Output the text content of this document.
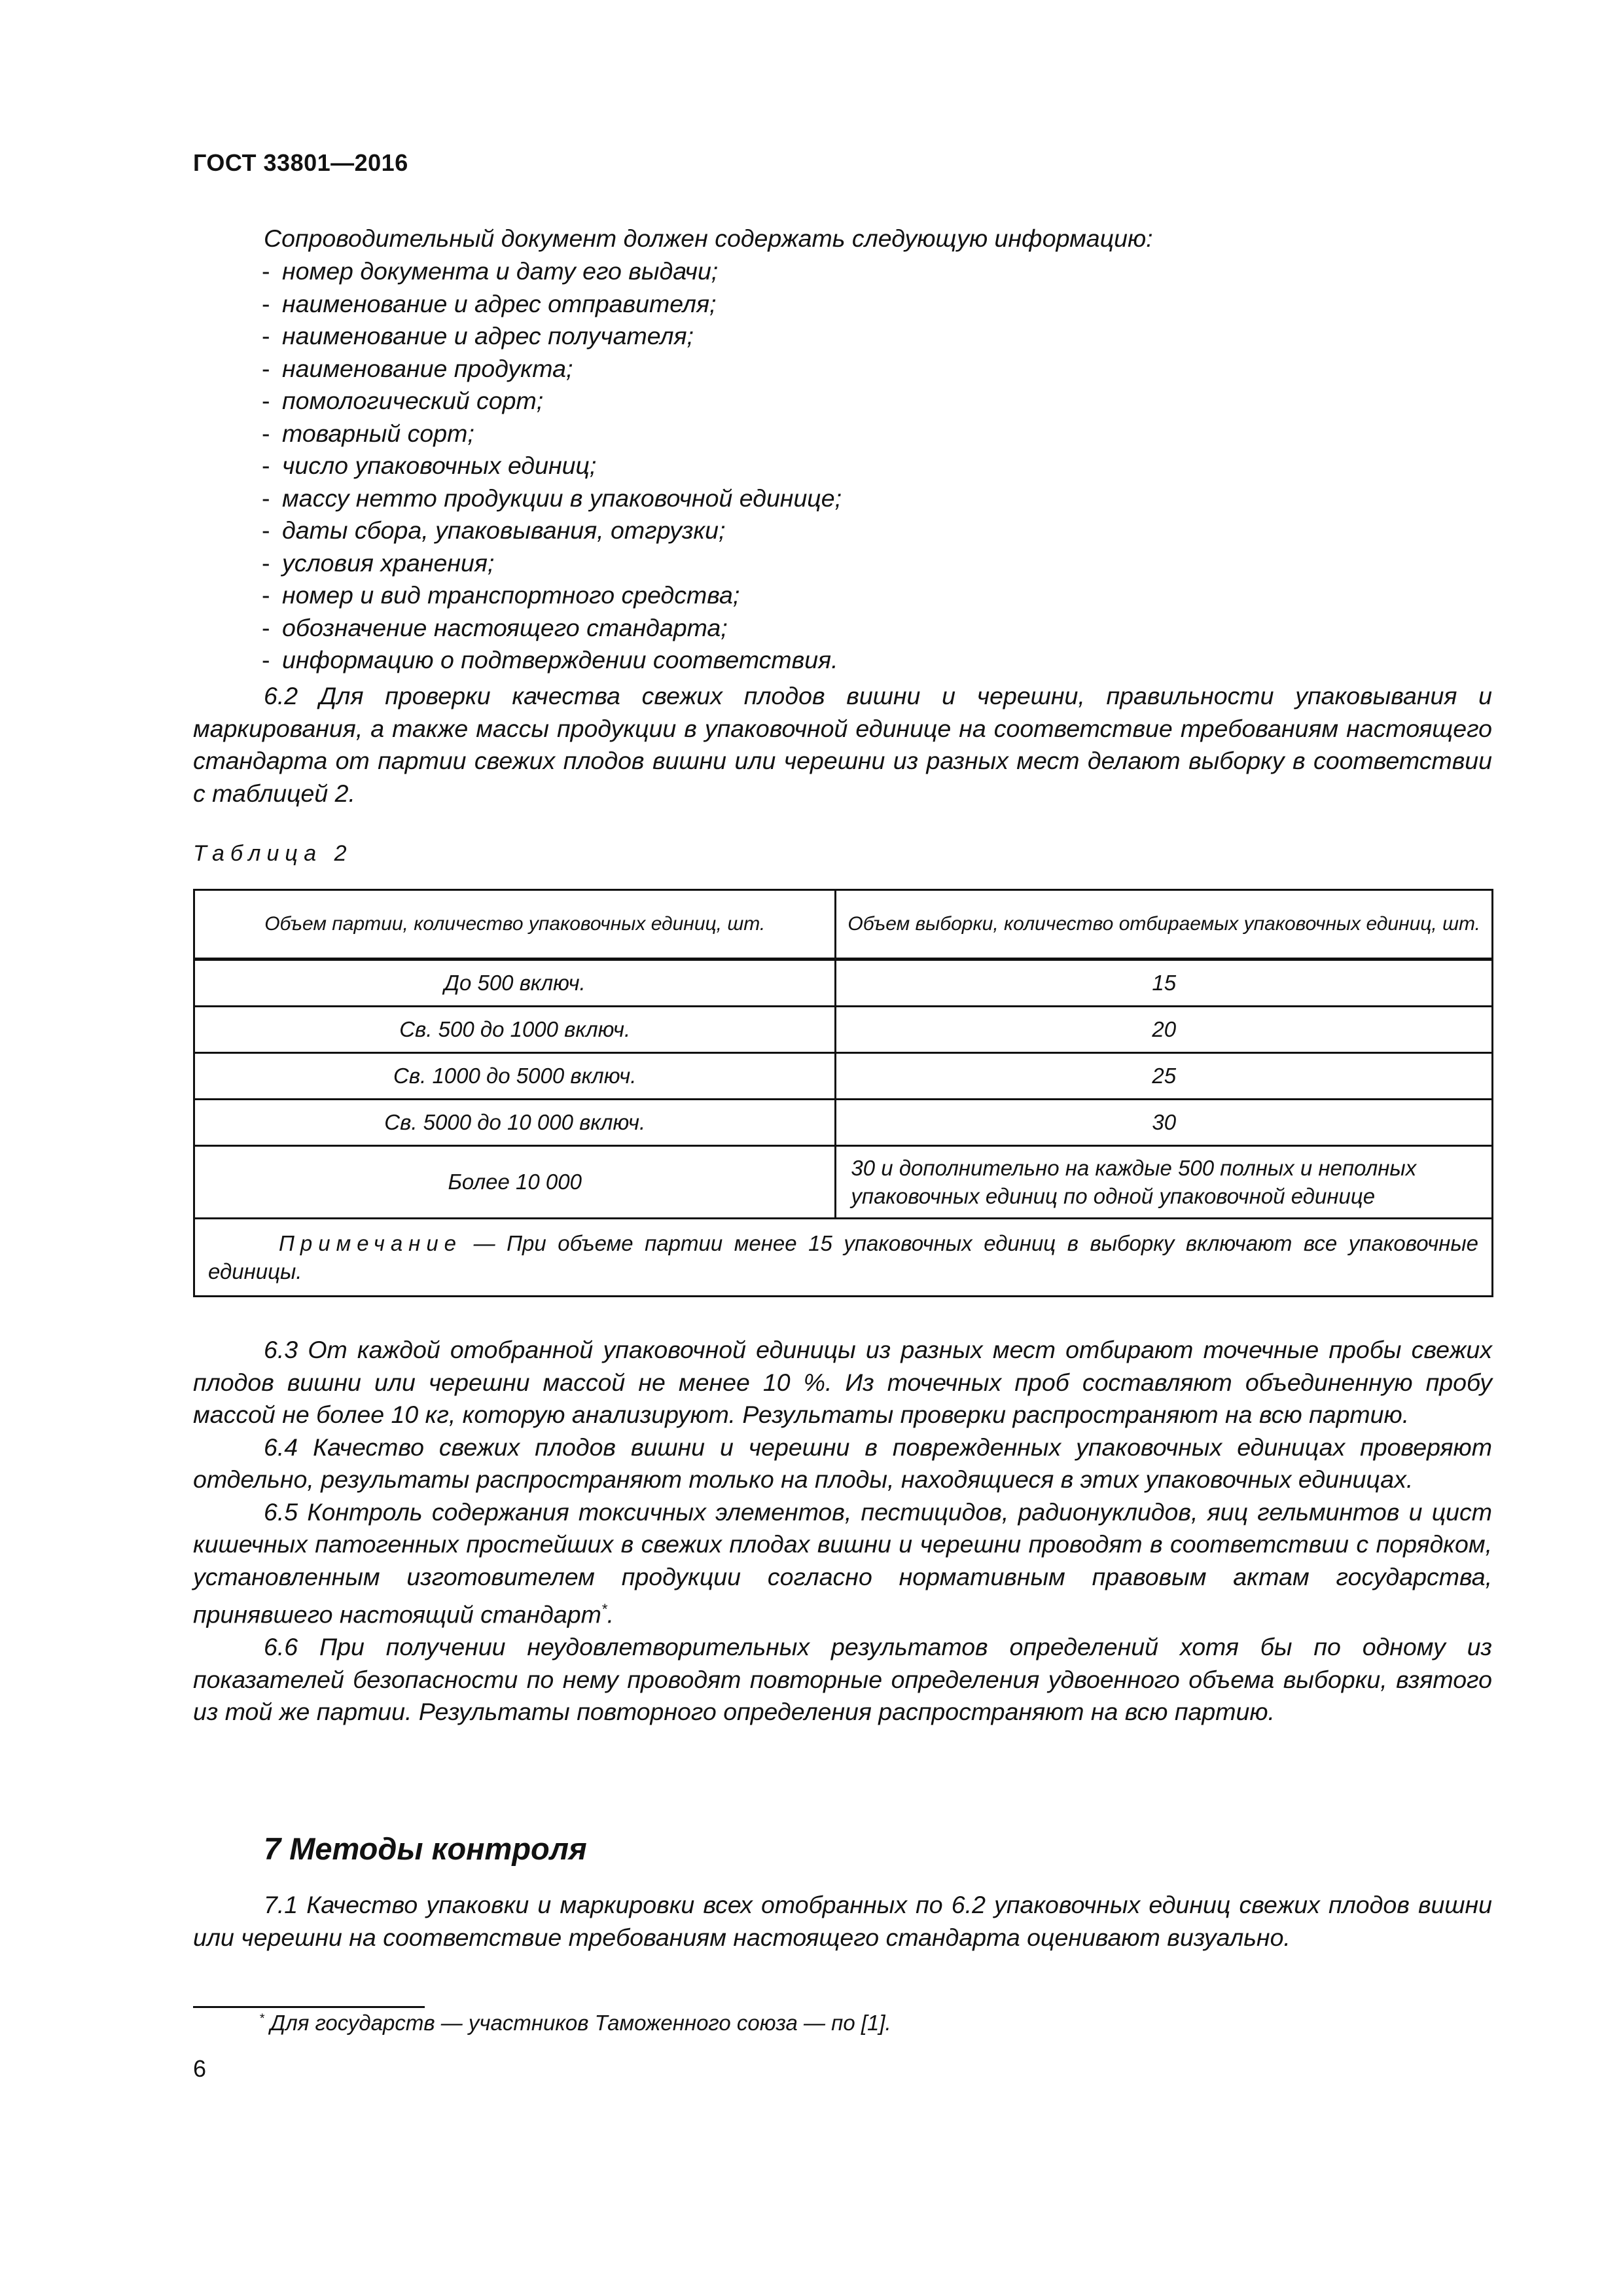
ГОСТ 33801—2016
Сопроводительный документ должен содержать следующую информацию:
- номер документа и дату его выдачи;
- наименование и адрес отправителя;
- наименование и адрес получателя;
- наименование продукта;
- помологический сорт;
- товарный сорт;
- число упаковочных единиц;
- массу нетто продукции в упаковочной единице;
- даты сбора, упаковывания, отгрузки;
- условия хранения;
- номер и вид транспортного средства;
- обозначение настоящего стандарта;
- информацию о подтверждении соответствия.

6.2 Для проверки качества свежих плодов вишни и черешни, правильности упаковывания и маркирования, а также массы продукции в упаковочной единице на соответствие требованиям настоящего стандарта от партии свежих плодов вишни или черешни из разных мест делают выборку в соответствии с таблицей 2.

Таблица 2
Объем партии, количество упаковочных единиц, шт.	Объем выборки, количество отбираемых упаковочных единиц, шт.
До 500 включ.	15
Св. 500 до 1000 включ.	20
Св. 1000 до 5000 включ.	25
Св. 5000 до 10 000 включ.	30
Более 10 000	30 и дополнительно на каждые 500 полных и неполных упаковочных единиц по одной упаковочной единице
Примечание — При объеме партии менее 15 упаковочных единиц в выборку включают все упаковочные единицы.	

6.3 От каждой отобранной упаковочной единицы из разных мест отбирают точечные пробы свежих плодов вишни или черешни массой не менее 10 %. Из точечных проб составляют объединенную пробу массой не более 10 кг, которую анализируют. Результаты проверки распространяют на всю партию.

6.4 Качество свежих плодов вишни и черешни в поврежденных упаковочных единицах проверяют отдельно, результаты распространяют только на плоды, находящиеся в этих упаковочных единицах.

6.5 Контроль содержания токсичных элементов, пестицидов, радионуклидов, яиц гельминтов и цист кишечных патогенных простейших в свежих плодах вишни и черешни проводят в соответствии с порядком, установленным изготовителем продукции согласно нормативным правовым актам государства, принявшего настоящий стандарт*.

6.6 При получении неудовлетворительных результатов определений хотя бы по одному из показателей безопасности по нему проводят повторные определения удвоенного объема выборки, взятого из той же партии. Результаты повторного определения распространяют на всю партию.

7 Методы контроля

7.1 Качество упаковки и маркировки всех отобранных по 6.2 упаковочных единиц свежих плодов вишни или черешни на соответствие требованиям настоящего стандарта оценивают визуально.

* Для государств — участников Таможенного союза — по [1].
6
